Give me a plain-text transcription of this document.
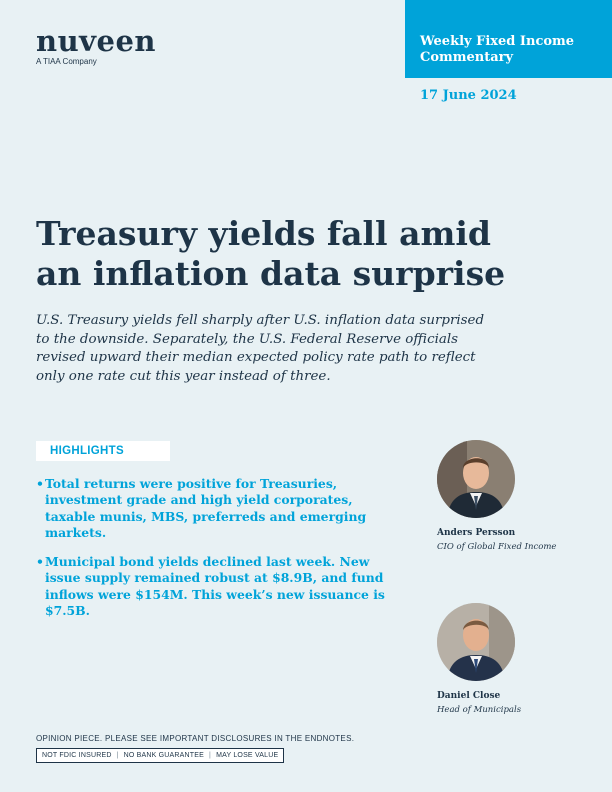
nuveen
A TIAA Company
Weekly Fixed Income Commentary
17 June 2024
Treasury yields fall amid an inflation data surprise

U.S. Treasury yields fell sharply after U.S. inflation data surprised to the downside. Separately, the U.S. Federal Reserve officials revised upward their median expected policy rate path to reflect only one rate cut this year instead of three.

HIGHLIGHTS
• Total returns were positive for Treasuries, investment grade and high yield corporates, taxable munis, MBS, preferreds and emerging markets.
• Municipal bond yields declined last week. New issue supply remained robust at $8.9B, and fund inflows were $154M. This week’s new issuance is $7.5B.
Anders Persson
CIO of Global Fixed Income
Daniel Close
Head of Municipals
OPINION PIECE. PLEASE SEE IMPORTANT DISCLOSURES IN THE ENDNOTES.
NOT FDIC INSURED | NO BANK GUARANTEE | MAY LOSE VALUE
